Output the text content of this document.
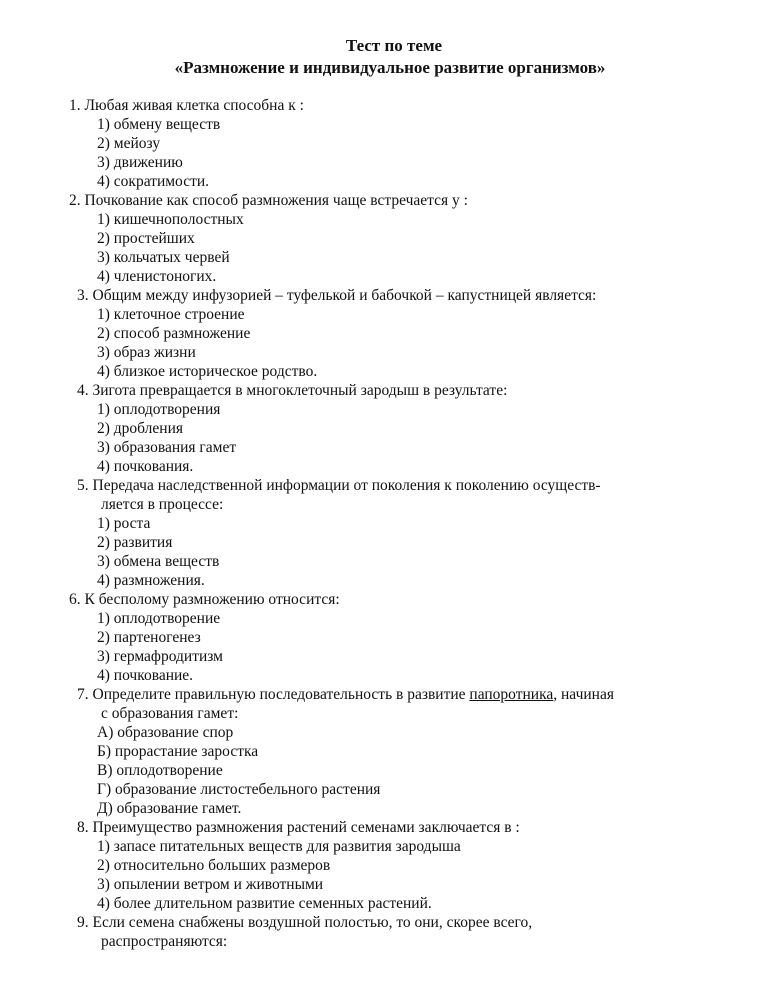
Тест по теме
«Размножение и индивидуальное развитие организмов»
1. Любая живая клетка способна к :
1) обмену веществ
2) мейозу
3) движению
4) сократимости.
2. Почкование как способ размножения чаще встречается у :
1) кишечнополостных
2) простейших
3) кольчатых червей
4) членистоногих.
3. Общим между инфузорией – туфелькой и бабочкой – капустницей является:
1) клеточное строение
2) способ размножение
3) образ жизни
4) близкое историческое родство.
4. Зигота превращается в многоклеточный зародыш в результате:
1) оплодотворения
2) дробления
3) образования гамет
4) почкования.
5. Передача наследственной информации от поколения к поколению осуществ-
ляется в процессе:
1) роста
2) развития
3) обмена веществ
4) размножения.
6. К бесполому размножению относится:
1) оплодотворение
2) партеногенез
3) гермафродитизм
4) почкование.
7. Определите правильную последовательность в развитие папоротника, начиная
с образования гамет:
А) образование спор
Б) прорастание заростка
В) оплодотворение
Г) образование листостебельного растения
Д) образование гамет.
8. Преимущество размножения растений семенами заключается в :
1) запасе питательных веществ для развития зародыша
2) относительно больших размеров
3) опылении ветром и животными
4) более длительном развитие семенных растений.
9. Если семена снабжены воздушной полостью, то они, скорее всего,
распространяются:
